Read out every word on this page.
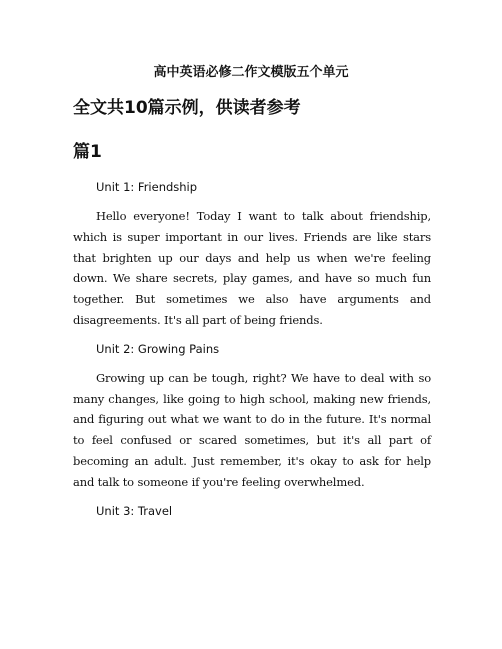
高中英语必修二作文模版五个单元
全文共10篇示例，供读者参考
篇1

Unit 1: Friendship

Hello everyone! Today I want to talk about friendship, which is super important in our lives. Friends are like stars that brighten up our days and help us when we're feeling down. We share secrets, play games, and have so much fun together. But sometimes we also have arguments and disagreements. It's all part of being friends.

Unit 2: Growing Pains

Growing up can be tough, right? We have to deal with so many changes, like going to high school, making new friends, and figuring out what we want to do in the future. It's normal to feel confused or scared sometimes, but it's all part of becoming an adult. Just remember, it's okay to ask for help and talk to someone if you're feeling overwhelmed.

Unit 3: Travel
